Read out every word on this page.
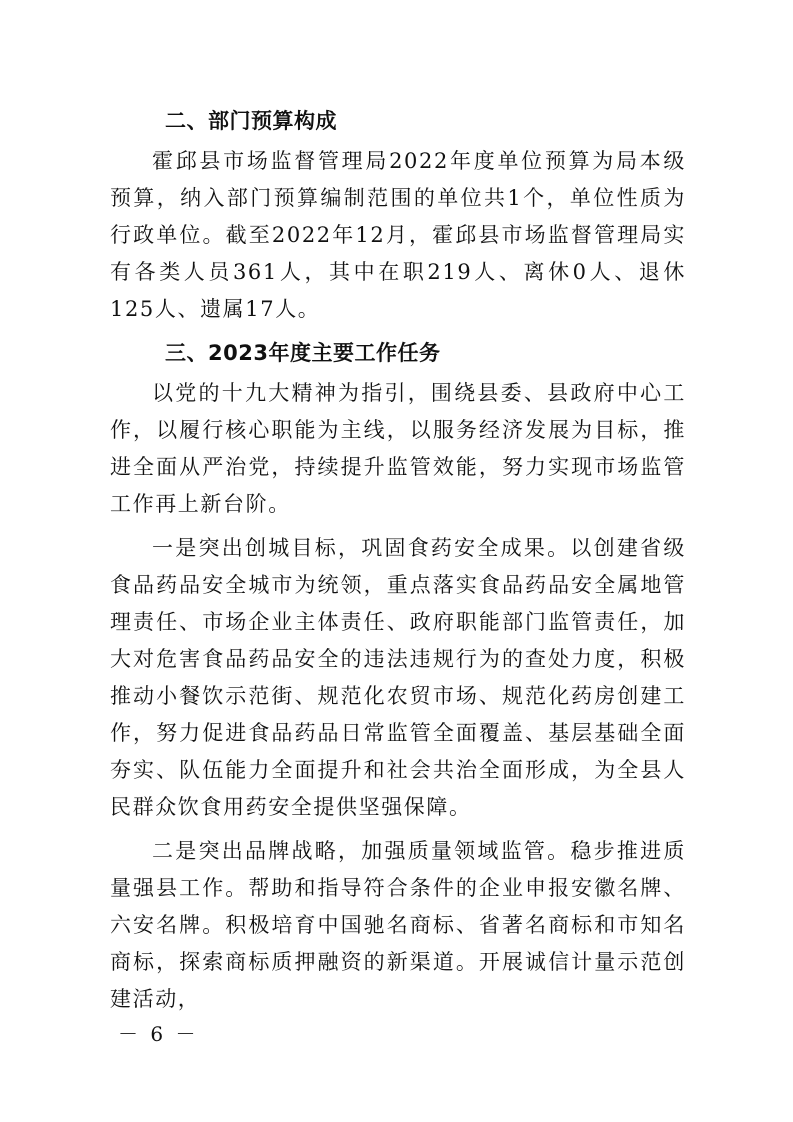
二、部门预算构成

霍邱县市场监督管理局2022年度单位预算为局本级预算，纳入部门预算编制范围的单位共1个，单位性质为行政单位。截至2022年12月，霍邱县市场监督管理局实有各类人员361人，其中在职219人、离休0人、退休125人、遗属17人。

三、2023年度主要工作任务

以党的十九大精神为指引，围绕县委、县政府中心工作，以履行核心职能为主线，以服务经济发展为目标，推进全面从严治党，持续提升监管效能，努力实现市场监管工作再上新台阶。

一是突出创城目标，巩固食药安全成果。以创建省级食品药品安全城市为统领，重点落实食品药品安全属地管理责任、市场企业主体责任、政府职能部门监管责任，加大对危害食品药品安全的违法违规行为的查处力度，积极推动小餐饮示范街、规范化农贸市场、规范化药房创建工作，努力促进食品药品日常监管全面覆盖、基层基础全面夯实、队伍能力全面提升和社会共治全面形成，为全县人民群众饮食用药安全提供坚强保障。

二是突出品牌战略，加强质量领域监管。稳步推进质量强县工作。帮助和指导符合条件的企业申报安徽名牌、六安名牌。积极培育中国驰名商标、省著名商标和市知名商标，探索商标质押融资的新渠道。开展诚信计量示范创建活动，

－ 6 －
